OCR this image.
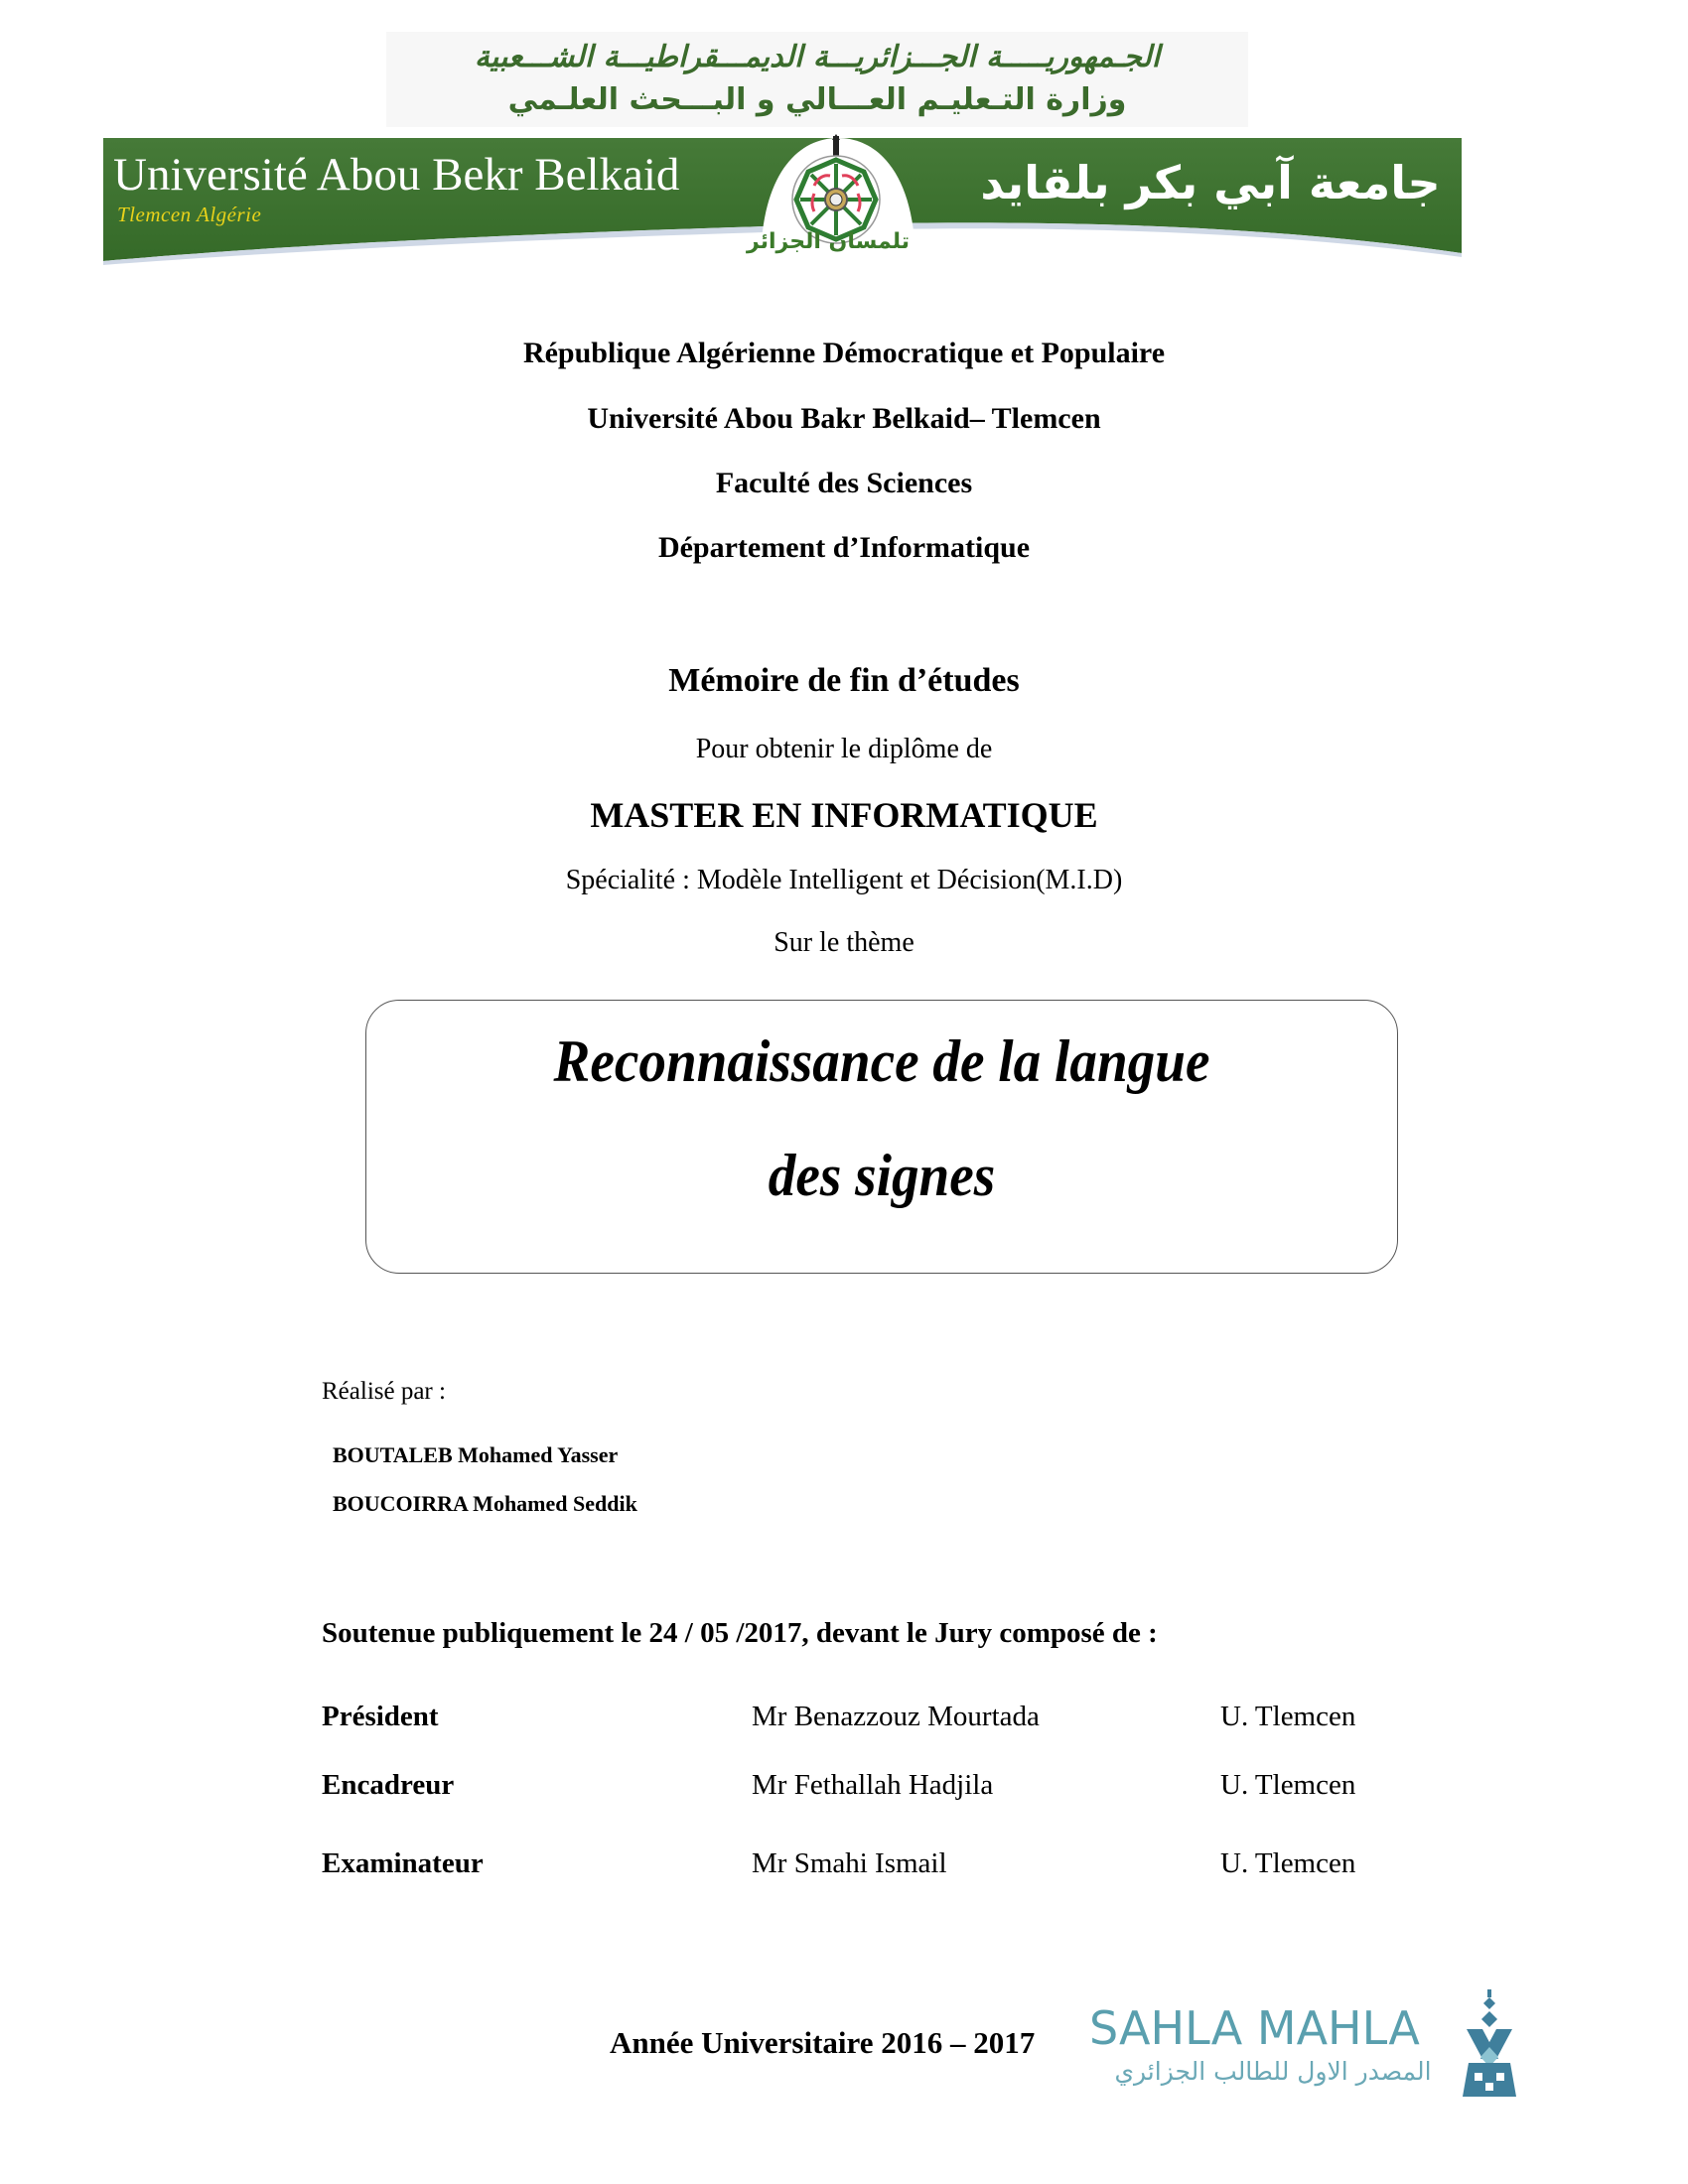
الجـمهوريـــــة الجـــزائريـــة الديمـــقراطيـــة الشـــعبية
وزارة التـعليـم العـــالي و البـــحث العلـمي
Université Abou Bekr Belkaid
Tlemcen Algérie
جامعة آبي بكر بلقايد
تلمسان الجزائر
République Algérienne Démocratique et Populaire
Université Abou Bakr Belkaid– Tlemcen
Faculté des Sciences
Département d’Informatique
Mémoire de fin d’études
Pour obtenir le diplôme de
MASTER EN INFORMATIQUE
Spécialité : Modèle Intelligent et Décision(M.I.D)
Sur le thème
Reconnaissance de la langue
des signes
Réalisé par :
BOUTALEB Mohamed Yasser
BOUCOIRRA Mohamed Seddik
Soutenue publiquement le 24 / 05 /2017, devant le Jury composé de :
Président	Mr Benazzouz Mourtada	U. Tlemcen
Encadreur	Mr Fethallah Hadjila	U. Tlemcen
Examinateur	Mr Smahi Ismail	U. Tlemcen
Année Universitaire 2016 – 2017 SAHLA MAHLA
المصدر الاول للطالب الجزائري
